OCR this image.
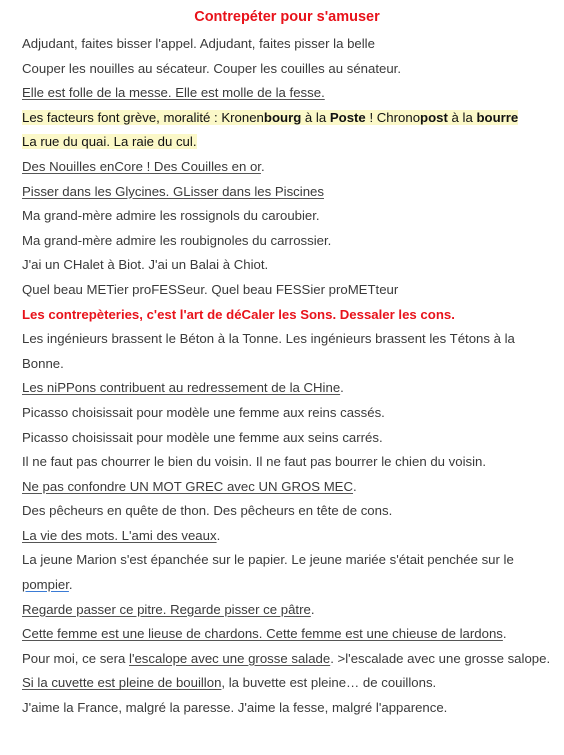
Contrepéter pour s'amuser
Adjudant, faites bisser l'appel. Adjudant, faites pisser la belle
Couper les nouilles au sécateur. Couper les couilles au sénateur.
Elle est folle de la messe. Elle est molle de la fesse.
Les facteurs font grève, moralité : Kronenbourg à la Poste ! Chronopost à la bourre
La rue du quai. La raie du cul.
Des Nouilles enCore ! Des Couilles en or.
Pisser dans les Glycines. GLisser dans les Piscines
Ma grand-mère admire les rossignols du caroubier.
Ma grand-mère admire les roubignoles du carrossier.
J'ai un CHalet à Biot. J'ai un Balai à Chiot.
Quel beau METier proFESSeur. Quel beau FESSier proMETteur
Les contrepèteries, c'est l'art de déCaler les Sons. Dessaler les cons.
Les ingénieurs brassent le Béton à la Tonne. Les ingénieurs brassent les Tétons à la Bonne.
Les niPPons contribuent au redressement de la CHine.
Picasso choisissait pour modèle une femme aux reins cassés.
Picasso choisissait pour modèle une femme aux seins carrés.
Il ne faut pas chourrer le bien du voisin. Il ne faut pas bourrer le chien du voisin.
Ne pas confondre UN MOT GREC avec UN GROS MEC.
Des pêcheurs en quête de thon. Des pêcheurs en tête de cons.
La vie des mots. L'ami des veaux.
La jeune Marion s'est épanchée sur le papier. Le jeune mariée s'était penchée sur le pompier.
Regarde passer ce pitre. Regarde pisser ce pâtre.
Cette femme est une lieuse de chardons. Cette femme est une chieuse de lardons.
Pour moi, ce sera l'escalope avec une grosse salade. >l'escalade avec une grosse salope.
Si la cuvette est pleine de bouillon, la buvette est pleine… de couillons.
J'aime la France, malgré la paresse. J'aime la fesse, malgré l'apparence.
